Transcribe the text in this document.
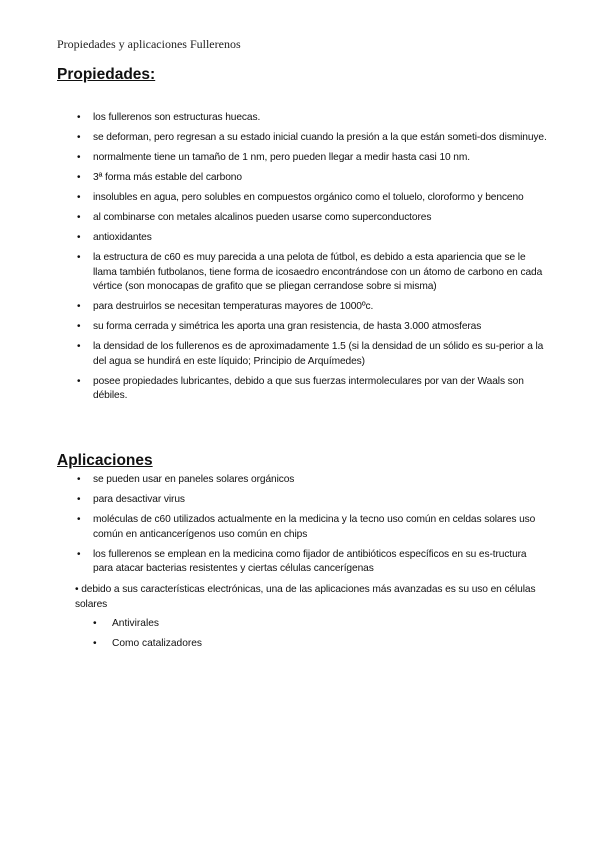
Propiedades y aplicaciones Fullerenos
Propiedades:
• los fullerenos son estructuras huecas.
• se deforman, pero regresan a su estado inicial cuando la presión a la que están someti-dos disminuye.
• normalmente tiene un tamaño de 1 nm, pero pueden llegar a medir hasta casi 10 nm.
• 3ª forma más estable del carbono
• insolubles en agua, pero solubles en compuestos orgánico como el toluelo, cloroformo y benceno
• al combinarse con metales alcalinos pueden usarse como superconductores
• antioxidantes
• la estructura de c60 es muy parecida a una pelota de fútbol, es debido a esta apariencia que se le llama también futbolanos, tiene forma de icosaedro encontrándose con un átomo de carbono en cada vértice (son monocapas de grafito que se pliegan cerrandose sobre si misma)
• para destruirlos se necesitan temperaturas mayores de 1000ºc.
• su forma cerrada y simétrica les aporta una gran resistencia, de hasta 3.000 atmosferas
• la densidad de los fullerenos es de aproximadamente 1.5 (si la densidad de un sólido es su-perior a la del agua se hundirá en este líquido; Principio de Arquímedes)
• posee propiedades lubricantes, debido a que sus fuerzas intermoleculares por van der Waals son débiles.
Aplicaciones
• se pueden usar en paneles solares orgánicos
• para desactivar virus
• moléculas de c60 utilizados actualmente en la medicina y la tecno uso común en celdas solares uso común en anticancerígenos uso común en chips
• los fullerenos se emplean en la medicina como fijador de antibióticos específicos en su es-tructura para atacar bacterias resistentes y ciertas células cancerígenas
• debido a sus características electrónicas, una de las aplicaciones más avanzadas es su uso en células solares
• Antivirales
• Como catalizadores
